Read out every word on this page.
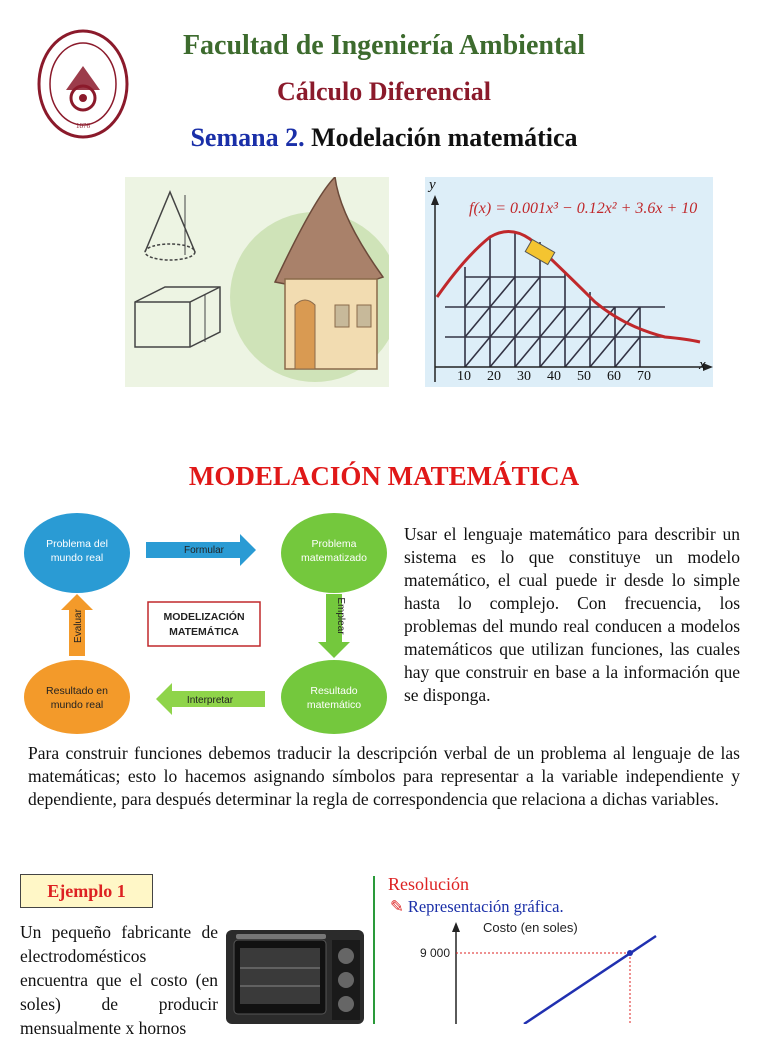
1876
Facultad de Ingeniería Ambiental
Cálculo Diferencial
Semana 2. Modelación matemática
y
x
f(x) = 0.001x³ − 0.12x² + 3.6x + 10
10 20 30 40 50 60 70
MODELACIÓN MATEMÁTICA
Problema del
mundo real
Problema
matematizado
Resultado
matemático
Resultado en
mundo real
Formular
Interpretar
Emplear
Evaluar	MODELIZACIÓN
MATEMÁTICA
Usar el lenguaje matemático para describir un sistema es lo que constituye un modelo matemático, el cual puede ir desde lo simple hasta lo complejo. Con frecuencia, los problemas del mundo real conducen a modelos matemáticos que utilizan funciones, las cuales hay que construir en base a la información que se disponga.
Para construir funciones debemos traducir la descripción verbal de un problema al lenguaje de las matemáticas; esto lo hacemos asignando símbolos para representar a la variable independiente y dependiente, para después determinar la regla de correspondencia que relaciona a dichas variables.
Ejemplo 1
Un pequeño fabricante de electrodomésticos encuentra que el costo (en soles) de producir mensualmente x hornos
Resolución
✎ Representación gráfica.
Costo (en soles)
9 000
